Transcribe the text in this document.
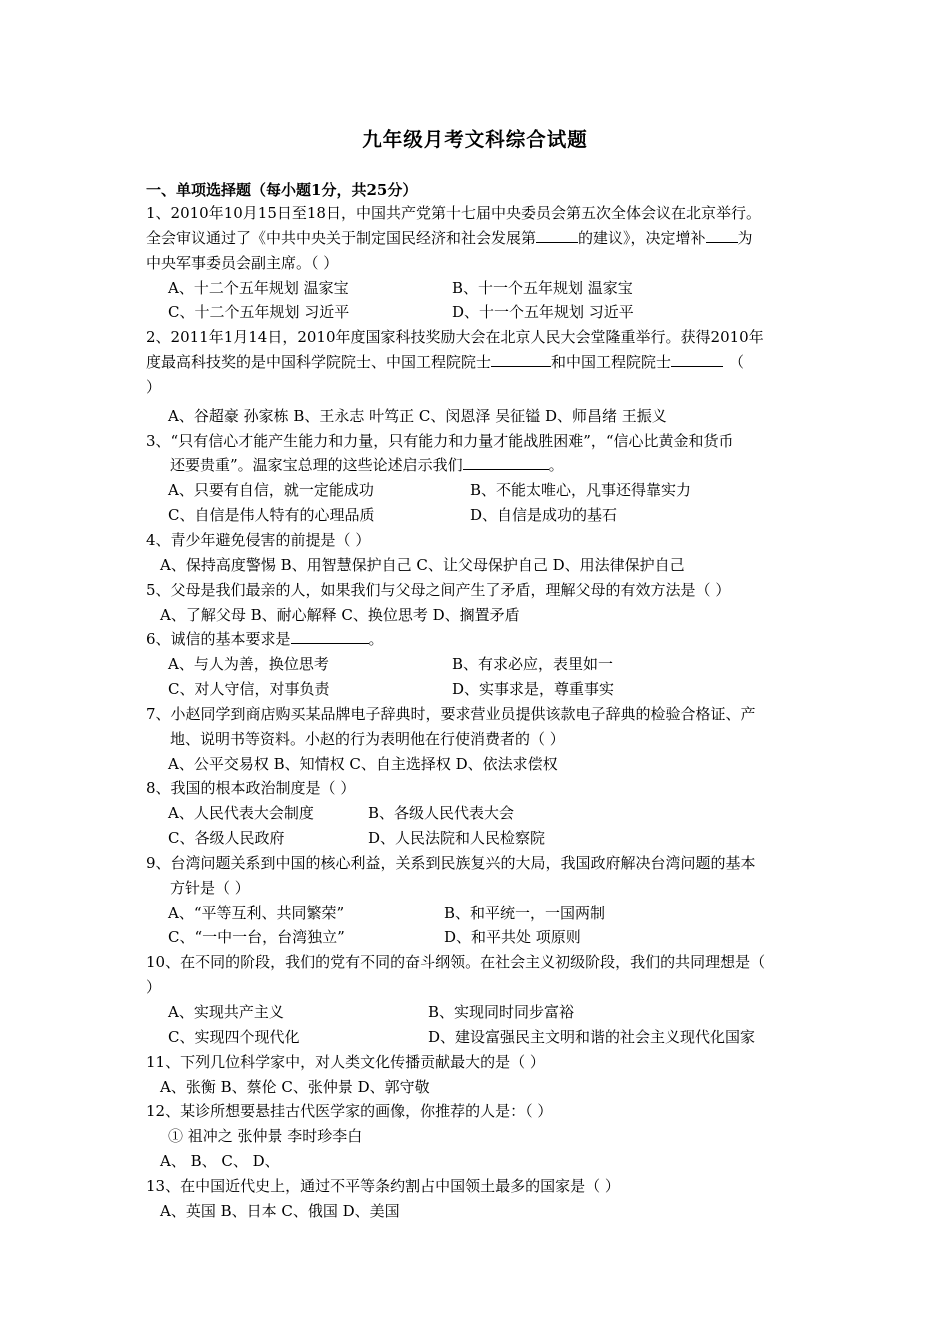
九年级月考文科综合试题
一、单项选择题（每小题1分，共25分）
1、2010年10月15日至18日，中国共产党第十七届中央委员会第五次全体会议在北京举行。
全会审议通过了《中共中央关于制定国民经济和社会发展第	的建议》，决定增补 为
中央军事委员会副主席。（ ）
A、十二个五年规划 温家宝	B、十一个五年规划 温家宝
C、十二个五年规划 习近平	D、十一个五年规划 习近平
2、2011年1月14日，2010年度国家科技奖励大会在北京人民大会堂隆重举行。获得2010年
度最高科技奖的是中国科学院院士、中国工程院院士	和中国工程院院士	（
）
A、谷超豪 孙家栋 B、王永志 叶笃正 C、闵恩泽 吴征镒 D、师昌绪 王振义
3、“只有信心才能产生能力和力量，只有能力和力量才能战胜困难”，“信心比黄金和货币
还要贵重”。温家宝总理的这些论述启示我们	。
A、只要有自信，就一定能成功	B、不能太唯心，凡事还得靠实力
C、自信是伟人特有的心理品质	D、自信是成功的基石
4、青少年避免侵害的前提是（ ）
A、保持高度警惕 B、用智慧保护自己 C、让父母保护自己 D、用法律保护自己
5、父母是我们最亲的人，如果我们与父母之间产生了矛盾，理解父母的有效方法是（ ）
A、了解父母 B、耐心解释 C、换位思考 D、搁置矛盾
6、诚信的基本要求是	。
A、与人为善，换位思考	B、有求必应，表里如一
C、对人守信，对事负责	D、实事求是，尊重事实
7、小赵同学到商店购买某品牌电子辞典时，要求营业员提供该款电子辞典的检验合格证、产
地、说明书等资料。小赵的行为表明他在行使消费者的（ ）
A、公平交易权 B、知情权 C、自主选择权 D、依法求偿权
8、我国的根本政治制度是（ ）
A、人民代表大会制度	B、各级人民代表大会
C、各级人民政府	D、人民法院和人民检察院
9、台湾问题关系到中国的核心利益，关系到民族复兴的大局，我国政府解决台湾问题的基本
方针是（ ）
A、“平等互利、共同繁荣”	B、和平统一，一国两制
C、“一中一台，台湾独立”	D、和平共处 项原则
10、在不同的阶段，我们的党有不同的奋斗纲领。在社会主义初级阶段，我们的共同理想是（
）
A、实现共产主义	B、实现同时同步富裕
C、实现四个现代化	D、建设富强民主文明和谐的社会主义现代化国家
11、下列几位科学家中，对人类文化传播贡献最大的是（ ）
A、张衡 B、蔡伦 C、张仲景 D、郭守敬
12、某诊所想要悬挂古代医学家的画像，你推荐的人是：（ ）
① 祖冲之 张仲景 李时珍李白
A、 B、 C、 D、
13、在中国近代史上，通过不平等条约割占中国领土最多的国家是（ ）
A、英国 B、日本 C、俄国 D、美国
